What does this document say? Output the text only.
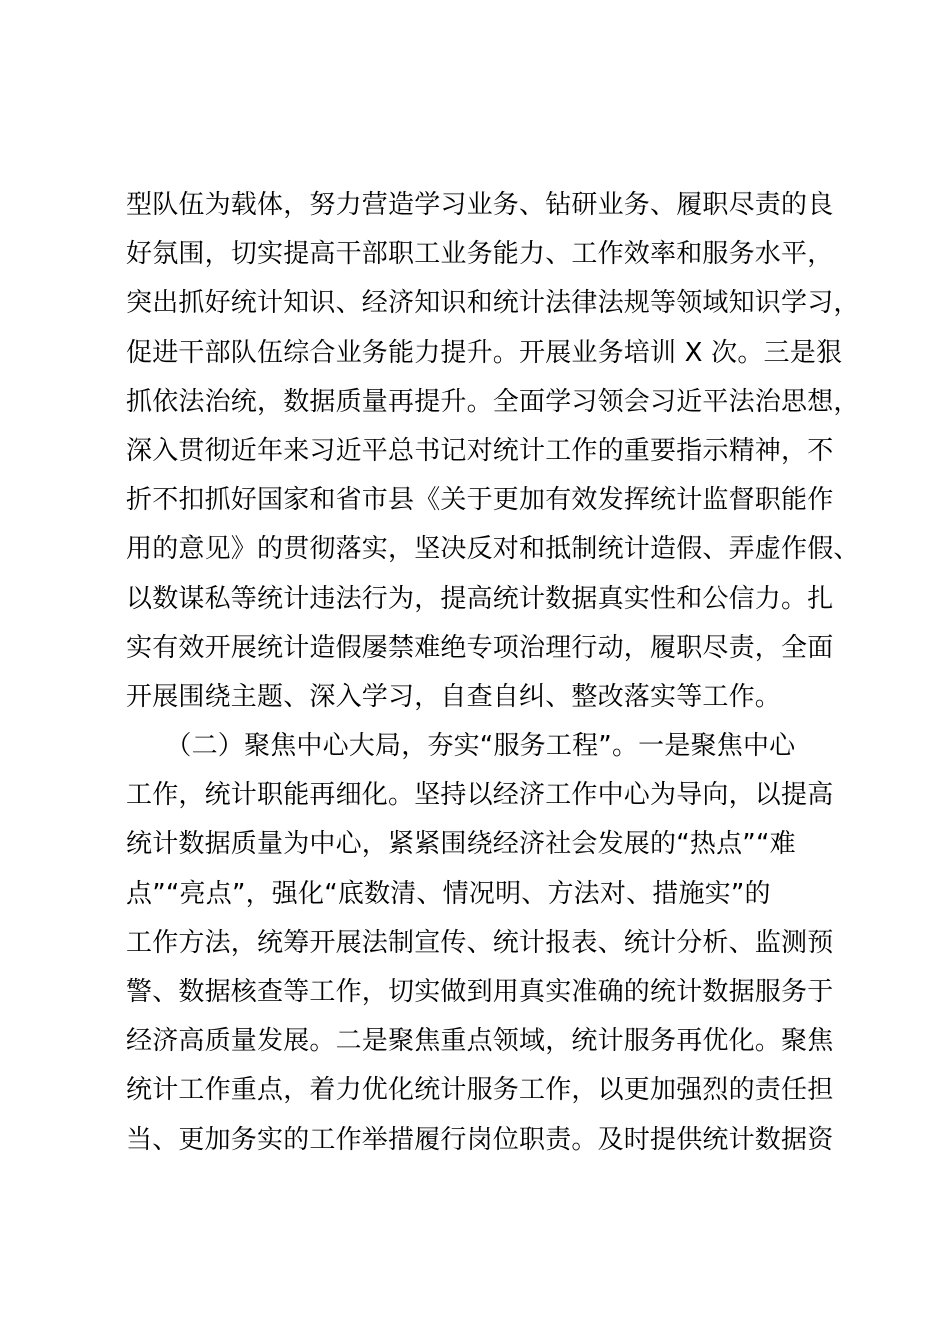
型队伍为载体，努力营造学习业务、钻研业务、履职尽责的良
好氛围，切实提高干部职工业务能力、工作效率和服务水平，
突出抓好统计知识、经济知识和统计法律法规等领域知识学习，
促进干部队伍综合业务能力提升。开展业务培训 X 次。三是狠
抓依法治统，数据质量再提升。全面学习领会习近平法治思想，
深入贯彻近年来习近平总书记对统计工作的重要指示精神，不
折不扣抓好国家和省市县《关于更加有效发挥统计监督职能作
用的意见》的贯彻落实，坚决反对和抵制统计造假、弄虚作假、
以数谋私等统计违法行为，提高统计数据真实性和公信力。扎
实有效开展统计造假屡禁难绝专项治理行动，履职尽责，全面
开展围绕主题、深入学习，自查自纠、整改落实等工作。
　　（二）聚焦中心大局，夯实“服务工程”。一是聚焦中心
工作，统计职能再细化。坚持以经济工作中心为导向，以提高
统计数据质量为中心，紧紧围绕经济社会发展的“热点”“难
点”“亮点”，强化“底数清、情况明、方法对、措施实”的
工作方法，统筹开展法制宣传、统计报表、统计分析、监测预
警、数据核查等工作，切实做到用真实准确的统计数据服务于
经济高质量发展。二是聚焦重点领域，统计服务再优化。聚焦
统计工作重点，着力优化统计服务工作，以更加强烈的责任担
当、更加务实的工作举措履行岗位职责。及时提供统计数据资
